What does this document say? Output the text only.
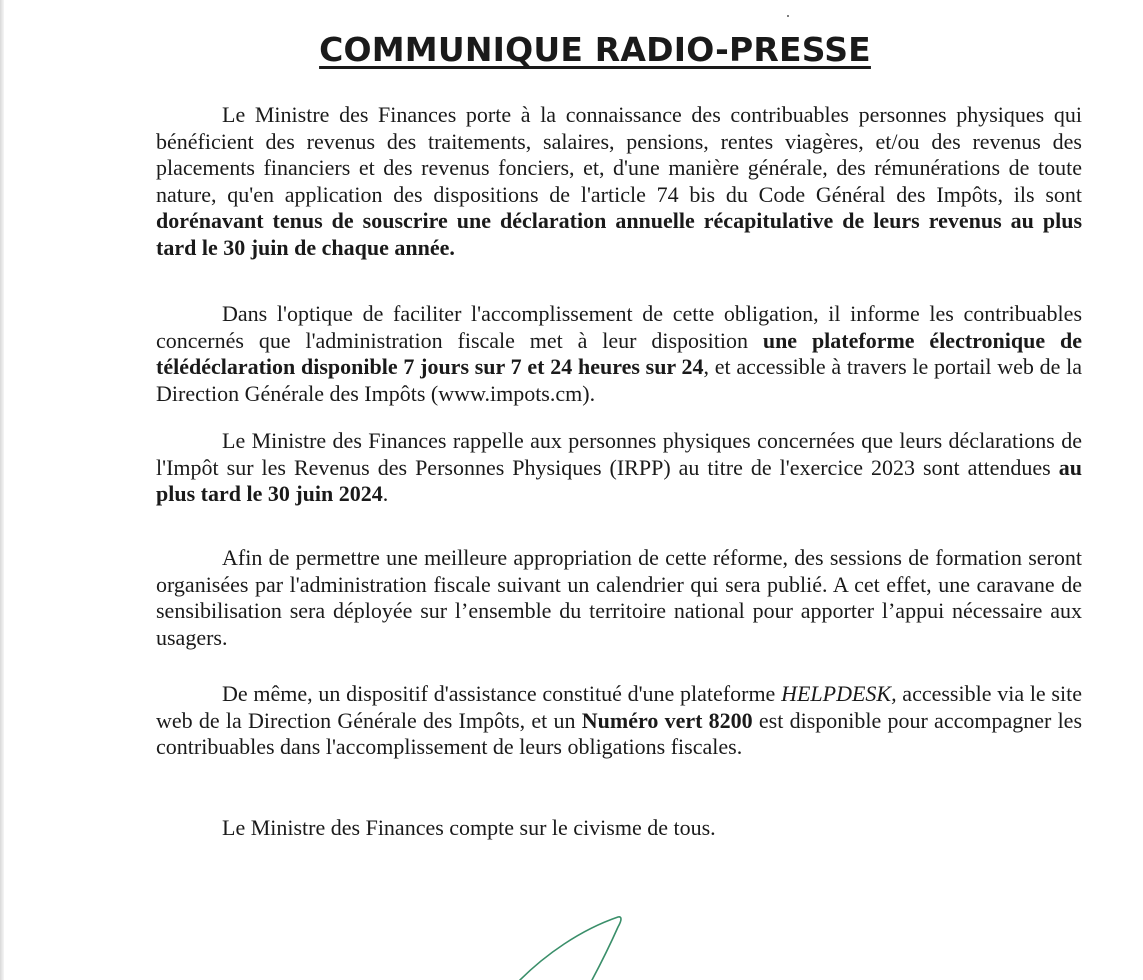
COMMUNIQUE RADIO-PRESSE

Le Ministre des Finances porte à la connaissance des contribuables personnes physiques qui bénéficient des revenus des traitements, salaires, pensions, rentes viagères, et/ou des revenus des placements financiers et des revenus fonciers, et, d'une manière générale, des rémunérations de toute nature, qu'en application des dispositions de l'article 74 bis du Code Général des Impôts, ils sont dorénavant tenus de souscrire une déclaration annuelle récapitulative de leurs revenus au plus tard le 30 juin de chaque année.

Dans l'optique de faciliter l'accomplissement de cette obligation, il informe les contribuables concernés que l'administration fiscale met à leur disposition une plateforme électronique de télédéclaration disponible 7 jours sur 7 et 24 heures sur 24, et accessible à travers le portail web de la Direction Générale des Impôts (www.impots.cm).

Le Ministre des Finances rappelle aux personnes physiques concernées que leurs déclarations de l'Impôt sur les Revenus des Personnes Physiques (IRPP) au titre de l'exercice 2023 sont attendues au plus tard le 30 juin 2024.

Afin de permettre une meilleure appropriation de cette réforme, des sessions de formation seront organisées par l'administration fiscale suivant un calendrier qui sera publié. A cet effet, une caravane de sensibilisation sera déployée sur l’ensemble du territoire national pour apporter l’appui nécessaire aux usagers.

De même, un dispositif d'assistance constitué d'une plateforme HELPDESK, accessible via le site web de la Direction Générale des Impôts, et un Numéro vert 8200 est disponible pour accompagner les contribuables dans l'accomplissement de leurs obligations fiscales.

Le Ministre des Finances compte sur le civisme de tous.
